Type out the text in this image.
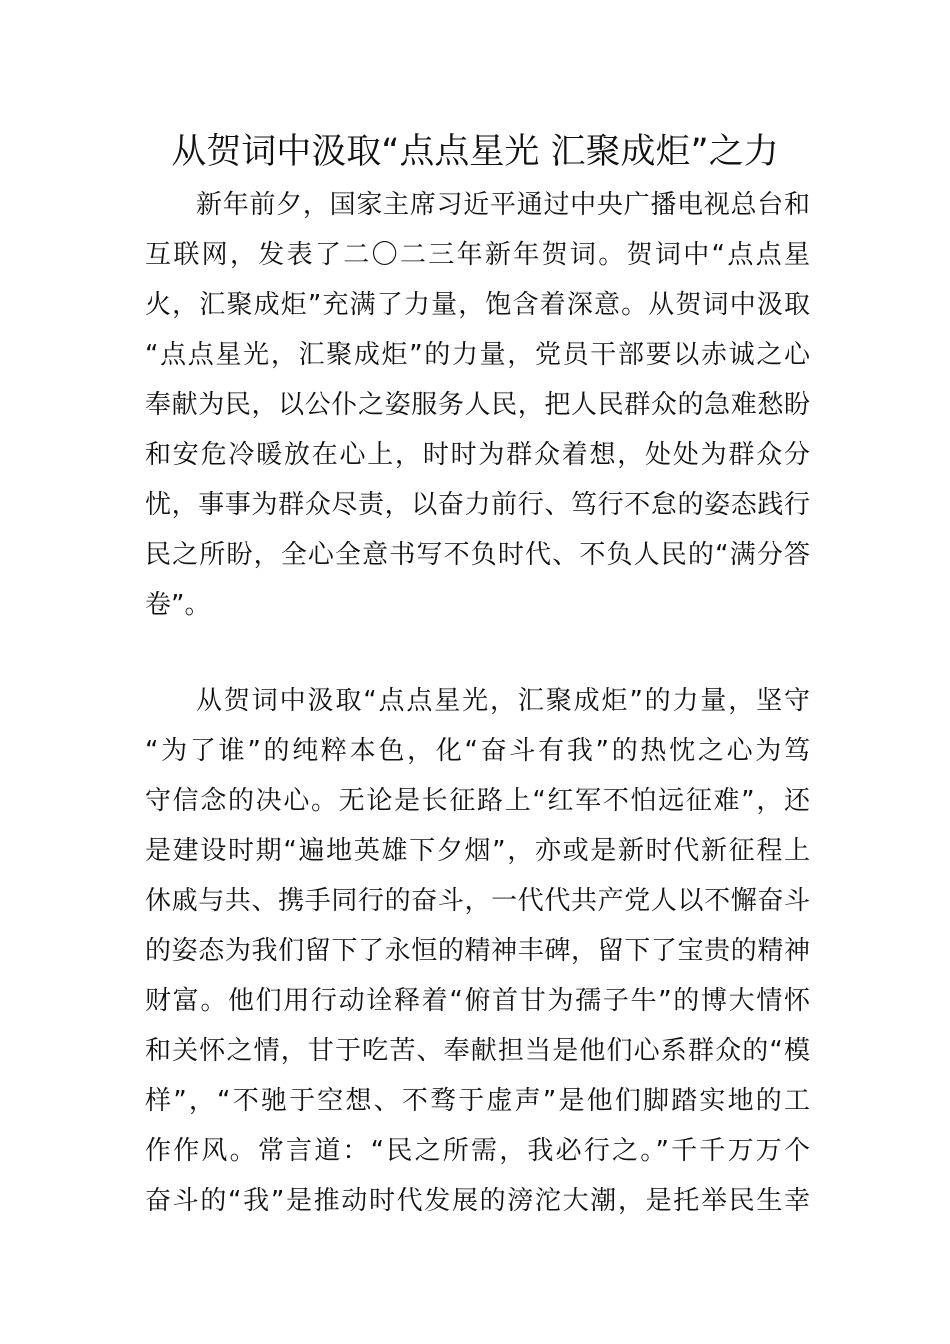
从贺词中汲取“点点星光 汇聚成炬”之力
新年前夕，国家主席习近平通过中央广播电视总台和
互联网，发表了二〇二三年新年贺词。贺词中“点点星
火，汇聚成炬”充满了力量，饱含着深意。从贺词中汲取
“点点星光，汇聚成炬”的力量，党员干部要以赤诚之心
奉献为民，以公仆之姿服务人民，把人民群众的急难愁盼
和安危冷暖放在心上，时时为群众着想，处处为群众分
忧，事事为群众尽责，以奋力前行、笃行不怠的姿态践行
民之所盼，全心全意书写不负时代、不负人民的“满分答
卷”。
从贺词中汲取“点点星光，汇聚成炬”的力量，坚守
“为了谁”的纯粹本色，化“奋斗有我”的热忱之心为笃
守信念的决心。无论是长征路上“红军不怕远征难”，还
是建设时期“遍地英雄下夕烟”，亦或是新时代新征程上
休戚与共、携手同行的奋斗，一代代共产党人以不懈奋斗
的姿态为我们留下了永恒的精神丰碑，留下了宝贵的精神
财富。他们用行动诠释着“俯首甘为孺子牛”的博大情怀
和关怀之情，甘于吃苦、奉献担当是他们心系群众的“模
样”，“不驰于空想、不骛于虚声”是他们脚踏实地的工
作作风。常言道：“民之所需，我必行之。”千千万万个
奋斗的“我”是推动时代发展的滂沱大潮，是托举民生幸
